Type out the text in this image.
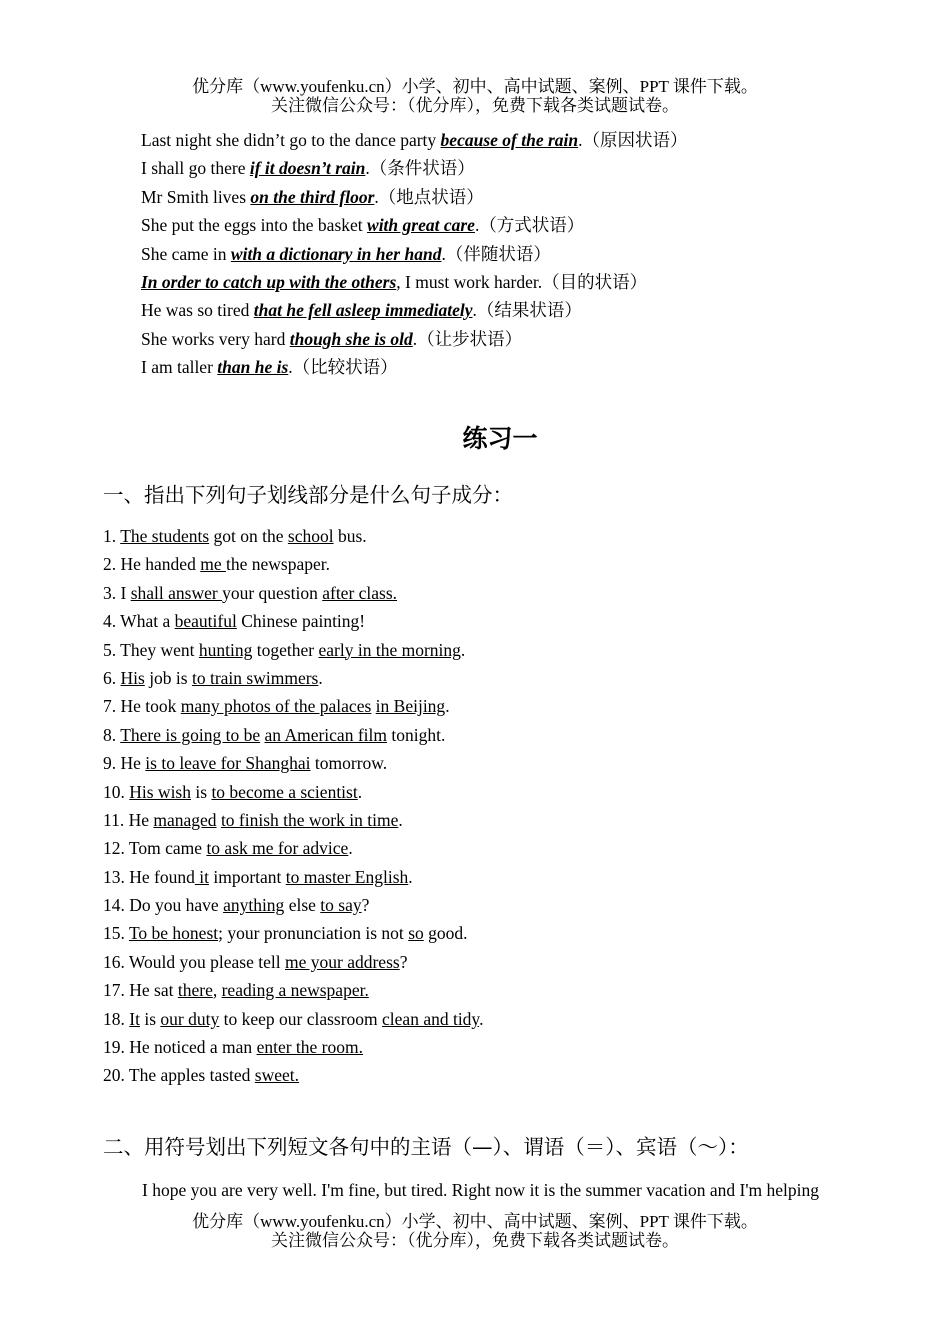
优分库（www.youfenku.cn）小学、初中、高中试题、案例、PPT 课件下载。
关注微信公众号：（优分库），免费下载各类试题试卷。
Last night she didn’t go to the dance party because of the rain.（原因状语）
I shall go there if it doesn’t rain.（条件状语）
Mr Smith lives on the third floor.（地点状语）
She put the eggs into the basket with great care.（方式状语）
She came in with a dictionary in her hand.（伴随状语）
In order to catch up with the others, I must work harder.（目的状语）
He was so tired that he fell asleep immediately.（结果状语）
She works very hard though she is old.（让步状语）
I am taller than he is.（比较状语）
练习一
一、指出下列句子划线部分是什么句子成分：
1. The students got on the school bus.
2. He handed me the newspaper.
3. I shall answer your question after class.
4. What a beautiful Chinese painting!
5. They went hunting together early in the morning.
6. His job is to train swimmers.
7. He took many photos of the palaces in Beijing.
8. There is going to be an American film tonight.
9. He is to leave for Shanghai tomorrow.
10. His wish is to become a scientist.
11. He managed to finish the work in time.
12. Tom came to ask me for advice.
13. He found it important to master English.
14. Do you have anything else to say?
15. To be honest; your pronunciation is not so good.
16. Would you please tell me your address?
17. He sat there, reading a newspaper.
18. It is our duty to keep our classroom clean and tidy.
19. He noticed a man enter the room.
20. The apples tasted sweet.
二、用符号划出下列短文各句中的主语（—）、谓语（＝）、宾语（～）：
I hope you are very well. I'm fine, but tired. Right now it is the summer vacation and I'm helping
优分库（www.youfenku.cn）小学、初中、高中试题、案例、PPT 课件下载。
关注微信公众号：（优分库），免费下载各类试题试卷。
